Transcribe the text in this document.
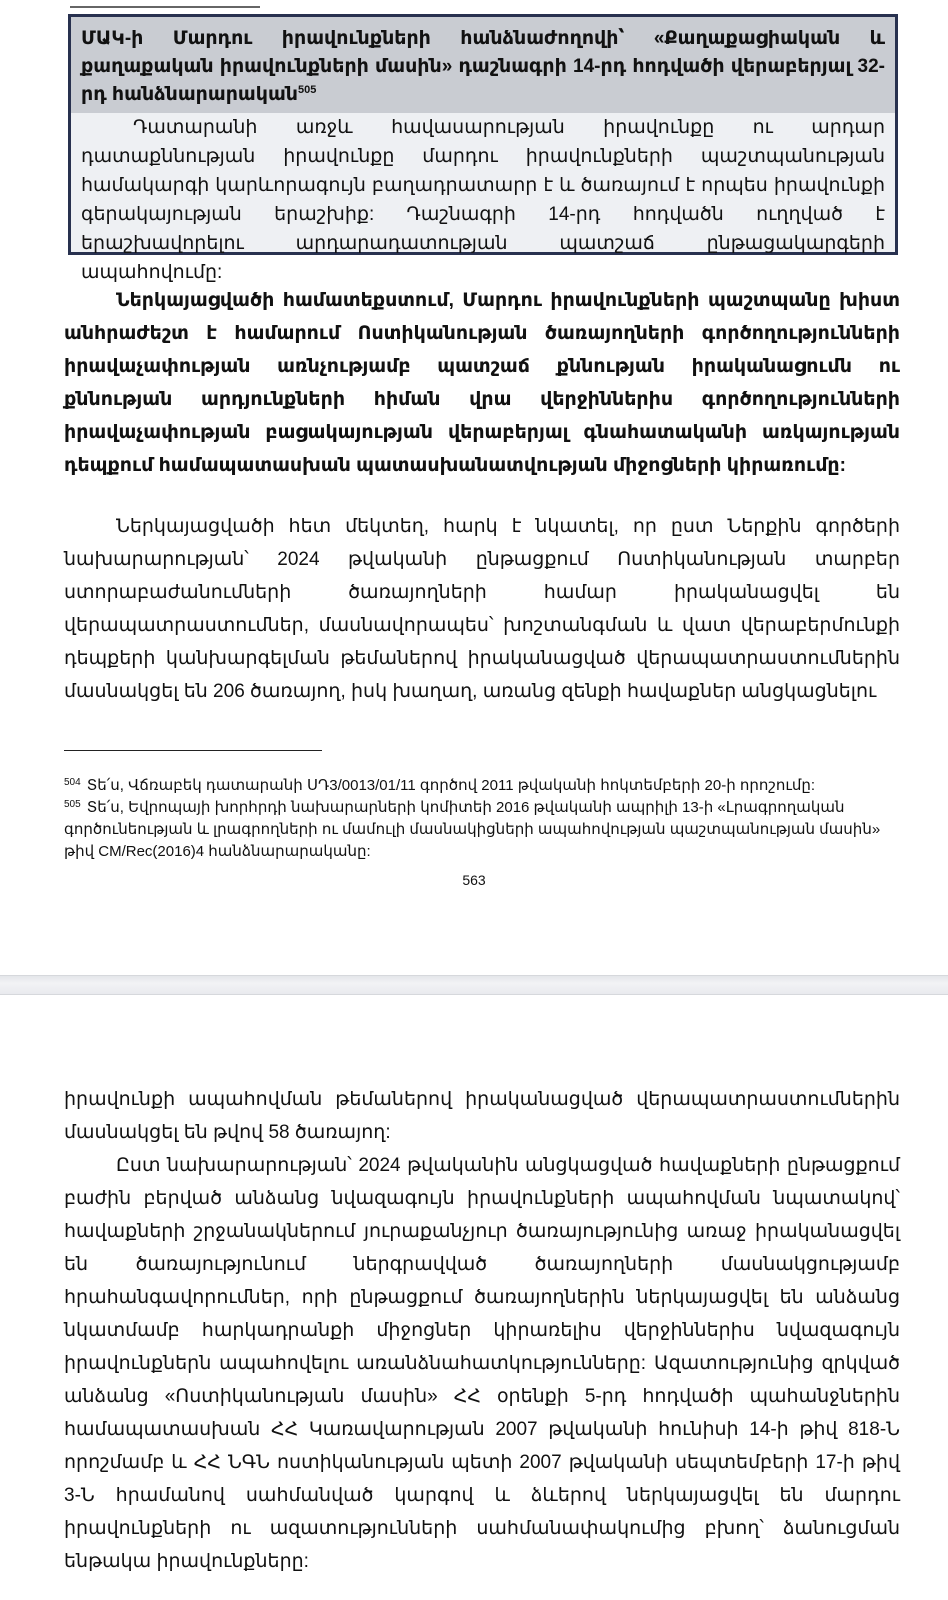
ՄԱԿ-ի Մարդու իրավունքների հանձնաժողովի՝ «Քաղաքացիական և քաղաքական իրավունքների մասին» դաշնագրի 14-րդ հոդվածի վերաբերյալ 32-րդ հանձնարարական$^{505}$
Դատարանի առջև հավասարության իրավունքը ու արդար դատաքննության իրավունքը մարդու իրավունքների պաշտպանության համակարգի կարևորագույն բաղադրատարր է և ծառայում է որպես իրավունքի գերակայության երաշխիք: Դաշնագրի 14-րդ հոդվածն ուղղված է երաշխավորելու արդարադատության պատշաճ ընթացակարգերի ապահովումը:
Ներկայացվածի համատեքստում, Մարդու իրավունքների պաշտպանը խիստ անհրաժեշտ է համարում Ոստիկանության ծառայողների գործողությունների իրավաչափության առնչությամբ պատշաճ քննության իրականացումն ու քննության արդյունքների հիման վրա վերջիններիս գործողությունների իրավաչափության բացակայության վերաբերյալ գնահատականի առկայության դեպքում համապատասխան պատասխանատվության միջոցների կիրառումը:
Ներկայացվածի հետ մեկտեղ, հարկ է նկատել, որ ըստ Ներքին գործերի նախարարության՝ 2024 թվականի ընթացքում Ոստիկանության տարբեր ստորաբաժանումների ծառայողների համար իրականացվել են վերապատրաստումներ, մասնավորապես՝ խոշտանգման և վատ վերաբերմունքի դեպքերի կանխարգելման թեմաներով իրականացված վերապատրաստումներին մասնակցել են 206 ծառայող, իսկ խաղաղ, առանց զենքի հավաքներ անցկացնելու
$^{504}$ Տե՛ս, Վճռաբեկ դատարանի ՍԴ3/0013/01/11 գործով 2011 թվականի հոկտեմբերի 20-ի որոշումը:
$^{505}$ Տե՛ս, Եվրոպայի խորհրդի նախարարների կոմիտեի 2016 թվականի ապրիլի 13-ի «Լրագրողական գործունեության և լրագրողների ու մամուլի մասնակիցների ապահովության պաշտպանության մասին» թիվ CM/Rec(2016)4 հանձնարարականը:
563
իրավունքի ապահովման թեմաներով իրականացված վերապատրաստումներին մասնակցել են թվով 58 ծառայող:
Ըստ նախարարության՝ 2024 թվականին անցկացված հավաքների ընթացքում բաժին բերված անձանց նվազագույն իրավունքների ապահովման նպատակով՝ հավաքների շրջանակներում յուրաքանչյուր ծառայությունից առաջ իրականացվել են ծառայությունում ներգրավված ծառայողների մասնակցությամբ հրահանգավորումներ, որի ընթացքում ծառայողներին ներկայացվել են անձանց նկատմամբ հարկադրանքի միջոցներ կիրառելիս վերջիններիս նվազագույն իրավունքներն ապահովելու առանձնահատկությունները: Ազատությունից զրկված անձանց «Ոստիկանության մասին» ՀՀ օրենքի 5-րդ հոդվածի պահանջներին համապատասխան ՀՀ Կառավարության 2007 թվականի հունիսի 14-ի թիվ 818-Ն որոշմամբ և ՀՀ ՆԳՆ ոստիկանության պետի 2007 թվականի սեպտեմբերի 17-ի թիվ 3-Ն հրամանով սահմանված կարգով և ձևերով ներկայացվել են մարդու իրավունքների ու ազատությունների սահմանափակումից բխող՝ ձանուցման ենթակա իրավունքները:
